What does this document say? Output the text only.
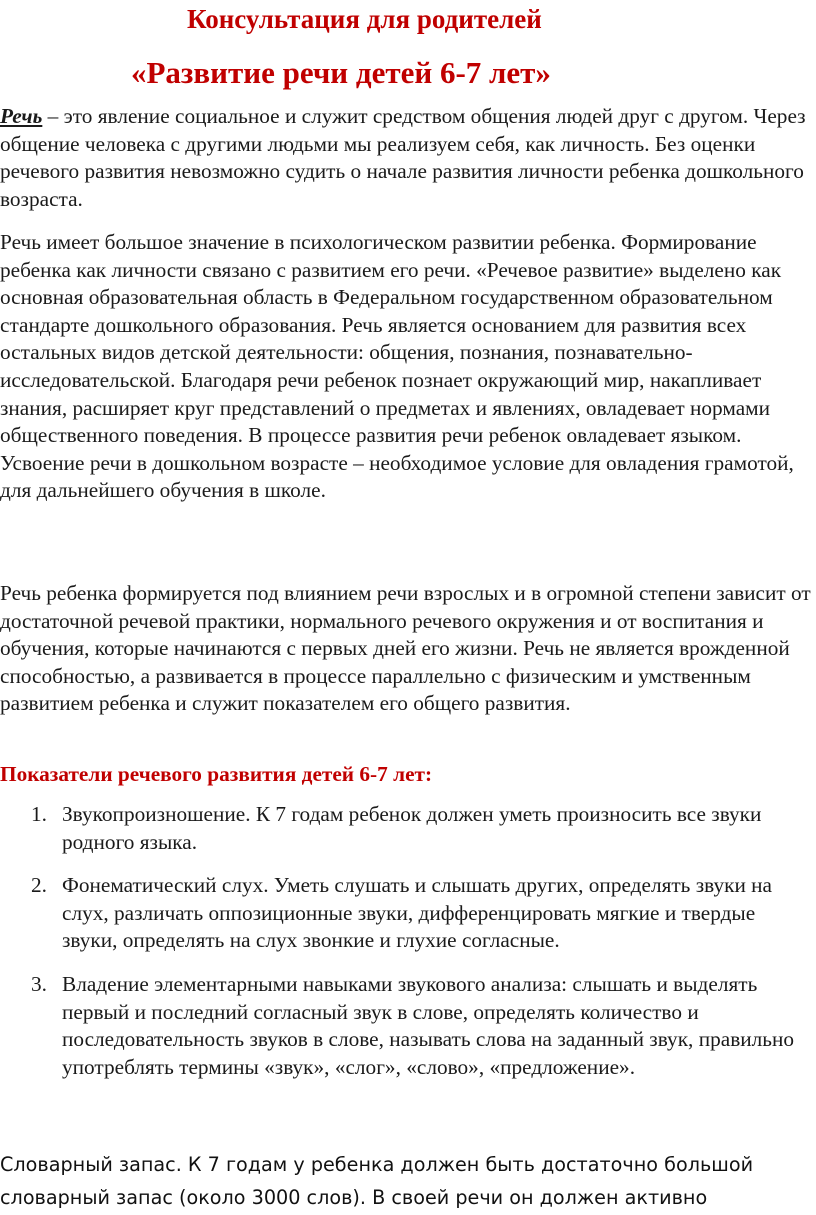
Консультация для родителей
«Развитие речи детей 6-7 лет»

Речь – это явление социальное и служит средством общения людей друг с другом. Через общение человека с другими людьми мы реализуем себя, как личность. Без оценки речевого развития невозможно судить о начале развития личности ребенка дошкольного возраста.

Речь имеет большое значение в психологическом развитии ребенка. Формирование ребенка как личности связано с развитием его речи. «Речевое развитие» выделено как основная образовательная область в Федеральном государственном образовательном стандарте дошкольного образования. Речь является основанием для развития всех остальных видов детской деятельности: общения, познания, познавательно-исследовательской. Благодаря речи ребенок познает окружающий мир, накапливает знания, расширяет круг представлений о предметах и явлениях, овладевает нормами общественного поведения. В процессе развития речи ребенок овладевает языком. Усвоение речи в дошкольном возрасте – необходимое условие для овладения грамотой, для дальнейшего обучения в школе.

Речь ребенка формируется под влиянием речи взрослых и в огромной степени зависит от достаточной речевой практики, нормального речевого окружения и от воспитания и обучения, которые начинаются с первых дней его жизни. Речь не является врожденной способностью, а развивается в процессе параллельно с физическим и умственным развитием ребенка и служит показателем его общего развития.

Показатели речевого развития детей 6-7 лет:
1. Звукопроизношение. К 7 годам ребенок должен уметь произносить все звуки родного языка.
2. Фонематический слух. Уметь слушать и слышать других, определять звуки на слух, различать оппозиционные звуки, дифференцировать мягкие и твердые звуки, определять на слух звонкие и глухие согласные.
3. Владение элементарными навыками звукового анализа: слышать и выделять первый и последний согласный звук в слове, определять количество и последовательность звуков в слове, называть слова на заданный звук, правильно употреблять термины «звук», «слог», «слово», «предложение».

Словарный запас. К 7 годам у ребенка должен быть достаточно большой словарный запас (около 3000 слов). В своей речи он должен активно
